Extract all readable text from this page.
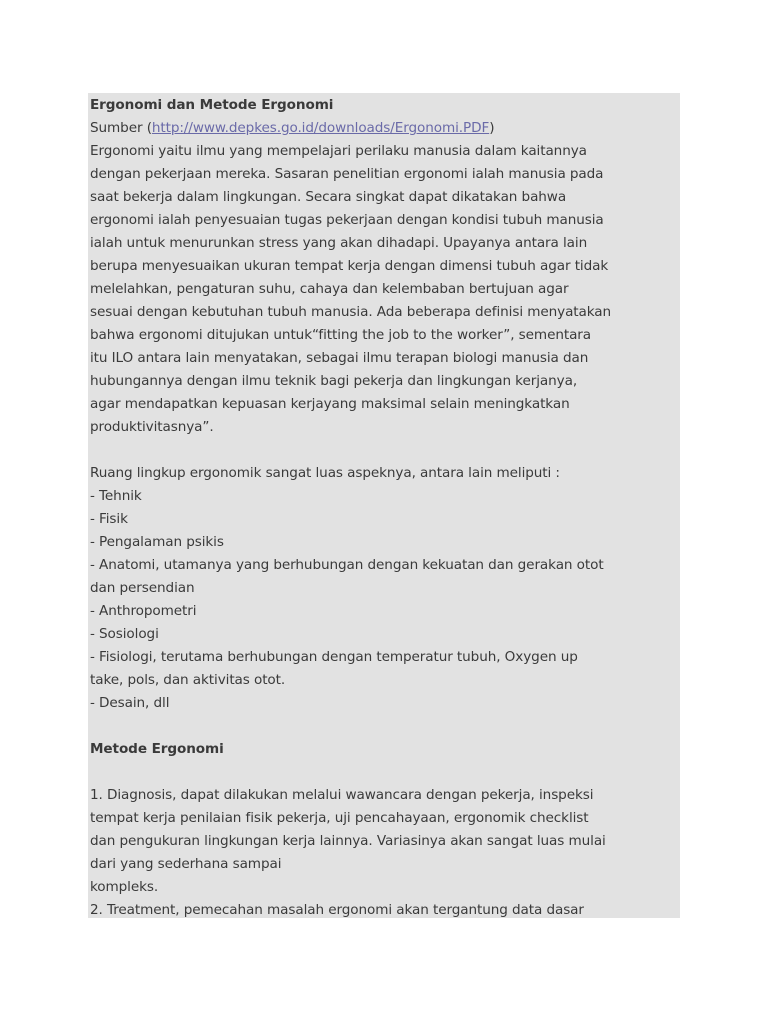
Ergonomi dan Metode Ergonomi
Sumber (http://www.depkes.go.id/downloads/Ergonomi.PDF)
Ergonomi yaitu ilmu yang mempelajari perilaku manusia dalam kaitannya
dengan pekerjaan mereka. Sasaran penelitian ergonomi ialah manusia pada
saat bekerja dalam lingkungan. Secara singkat dapat dikatakan bahwa
ergonomi ialah penyesuaian tugas pekerjaan dengan kondisi tubuh manusia
ialah untuk menurunkan stress yang akan dihadapi. Upayanya antara lain
berupa menyesuaikan ukuran tempat kerja dengan dimensi tubuh agar tidak
melelahkan, pengaturan suhu, cahaya dan kelembaban bertujuan agar
sesuai dengan kebutuhan tubuh manusia. Ada beberapa definisi menyatakan
bahwa ergonomi ditujukan untuk“fitting the job to the worker”, sementara
itu ILO antara lain menyatakan, sebagai ilmu terapan biologi manusia dan
hubungannya dengan ilmu teknik bagi pekerja dan lingkungan kerjanya,
agar mendapatkan kepuasan kerjayang maksimal selain meningkatkan
produktivitasnya”.
Ruang lingkup ergonomik sangat luas aspeknya, antara lain meliputi :
- Tehnik
- Fisik
- Pengalaman psikis
- Anatomi, utamanya yang berhubungan dengan kekuatan dan gerakan otot
dan persendian
- Anthropometri
- Sosiologi
- Fisiologi, terutama berhubungan dengan temperatur tubuh, Oxygen up
take, pols, dan aktivitas otot.
- Desain, dll
Metode Ergonomi
1. Diagnosis, dapat dilakukan melalui wawancara dengan pekerja, inspeksi
tempat kerja penilaian fisik pekerja, uji pencahayaan, ergonomik checklist
dan pengukuran lingkungan kerja lainnya. Variasinya akan sangat luas mulai
dari yang sederhana sampai
kompleks.
2. Treatment, pemecahan masalah ergonomi akan tergantung data dasar
